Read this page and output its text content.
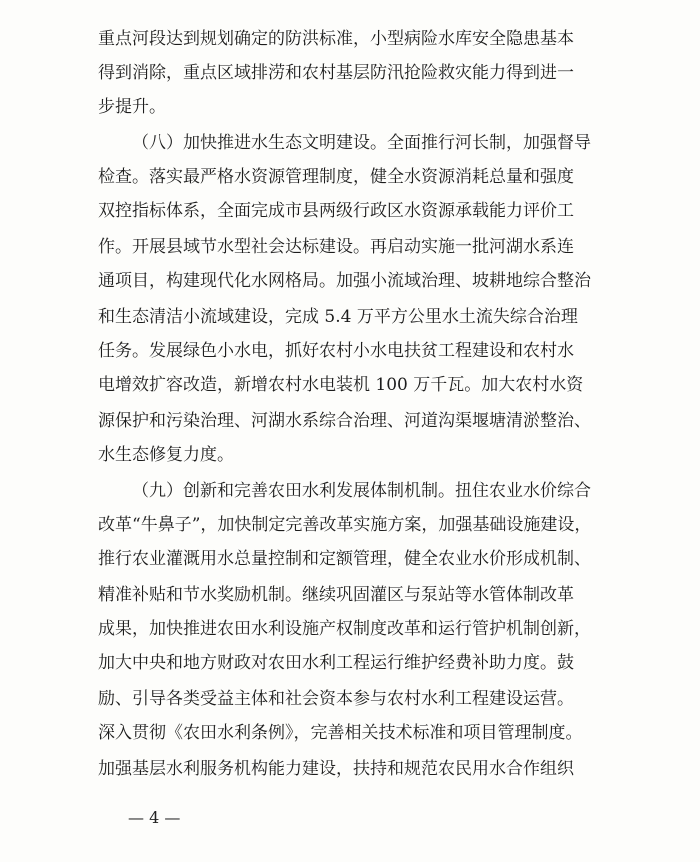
重点河段达到规划确定的防洪标准，小型病险水库安全隐患基本
得到消除，重点区域排涝和农村基层防汛抢险救灾能力得到进一
步提升。
（八）加快推进水生态文明建设。全面推行河长制，加强督导
检查。落实最严格水资源管理制度，健全水资源消耗总量和强度
双控指标体系，全面完成市县两级行政区水资源承载能力评价工
作。开展县域节水型社会达标建设。再启动实施一批河湖水系连
通项目，构建现代化水网格局。加强小流域治理、坡耕地综合整治
和生态清洁小流域建设，完成 5.4 万平方公里水土流失综合治理
任务。发展绿色小水电，抓好农村小水电扶贫工程建设和农村水
电增效扩容改造，新增农村水电装机 100 万千瓦。加大农村水资
源保护和污染治理、河湖水系综合治理、河道沟渠堰塘清淤整治、
水生态修复力度。
（九）创新和完善农田水利发展体制机制。扭住农业水价综合
改革“牛鼻子”，加快制定完善改革实施方案，加强基础设施建设，
推行农业灌溉用水总量控制和定额管理，健全农业水价形成机制、
精准补贴和节水奖励机制。继续巩固灌区与泵站等水管体制改革
成果，加快推进农田水利设施产权制度改革和运行管护机制创新，
加大中央和地方财政对农田水利工程运行维护经费补助力度。鼓
励、引导各类受益主体和社会资本参与农村水利工程建设运营。
深入贯彻《农田水利条例》，完善相关技术标准和项目管理制度。
加强基层水利服务机构能力建设，扶持和规范农民用水合作组织
— 4 —
